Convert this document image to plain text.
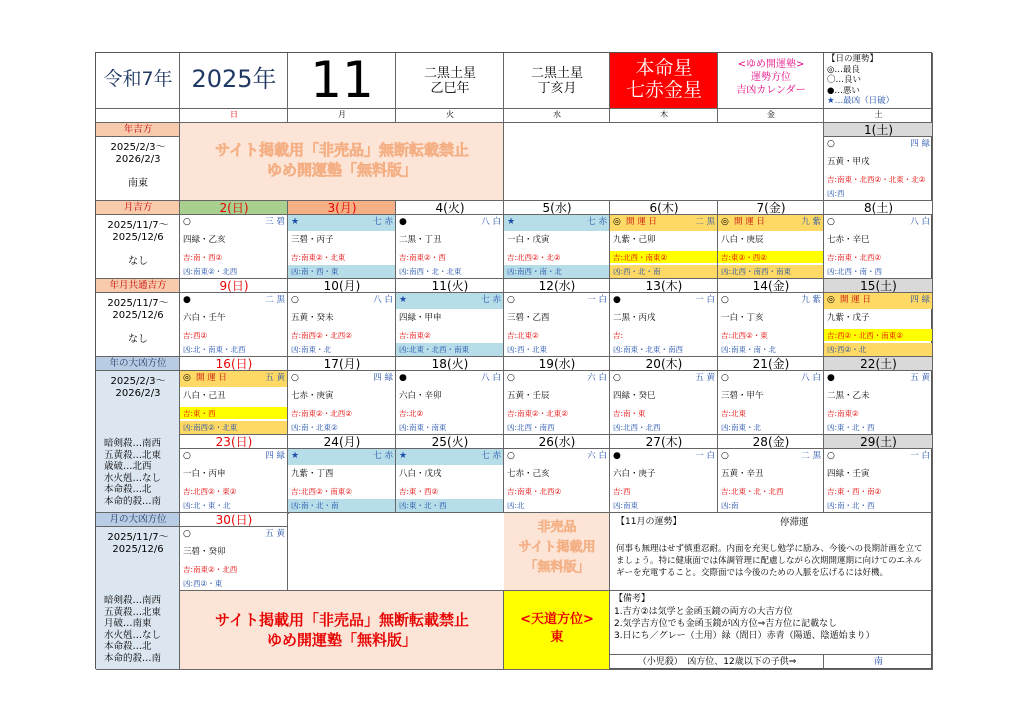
令和7年 2025年 11	二黒土星
乙巳年
二黒土星
丁亥月
本命星
七赤金星
<ゆめ開運塾>
運勢方位
吉凶カレンダー
【日の運勢】
◎…最良
〇…良い
●…悪い
★…最凶（日破）
日	月	火	水	木	金	土
年吉方
2025/2/3～
2026/2/3
南東
月吉方
2025/11/7～
2025/12/6
なし
年月共通吉方
2025/11/7～
2025/12/6
なし
年の大凶方位
2025/2/3～
2026/2/3
暗剣殺…南西
五黄殺…北東
歳破…北西
水火剋…なし
本命殺…北
本命的殺…南
月の大凶方位
2025/11/7～
2025/12/6
暗剣殺…南西
五黄殺…北東
月破…南東
水火剋…なし
本命殺…北
本命的殺…南
1(土)
○	四 緑
五黄・甲戌
吉:南東・北西②・北東・北②
凶:西
2(日)
○	三 碧
四緑・乙亥
吉:南・西②
凶:南東②・北西
3(月)
★	七 赤
三碧・丙子
吉:南東②・北東
凶:南・西・東
4(火)
●	八 白
二黒・丁丑
吉:南東②・西
凶:南西・北・北東
5(水)
★	七 赤
一白・戊寅
吉:北西②・北②
凶:南西・南・北
6(木)
◎ 開 運 日	二 黒
九紫・己卯
吉:北西・南東②
凶:西・北・南
7(金)
◎ 開 運 日	九 紫
八白・庚辰
吉:東②・西②
凶:北西・南西・南東
8(土)
○	八 白
七赤・辛巳
吉:南東・北西②
凶:北西・南・西
9(日)
●	二 黒
六白・壬午
吉:西②
凶:北・南東・北西
10(月)
○	八 白
五黄・癸未
吉:南西②・北西②
凶:南東・北
11(火)
★	七 赤
四緑・甲申
吉:南東②
凶:北東・北西・南東
12(水)
○	一 白
三碧・乙酉
吉:北東②
凶:西・北東
13(木)
●	一 白
二黒・丙戌
吉:
凶:南東・北東・南西
14(金)
○	九 紫
一白・丁亥
吉:北西②・東
凶:南東・南・北
15(土)
◎ 開 運 日	四 緑
九紫・戊子
吉:西②・北西・南東②
凶:西②・北
16(日)
◎ 開 運 日	五 黄
八白・己丑
吉:東・西
凶:南西②・北東
17(月)
○	四 緑
七赤・庚寅
吉:南東②・北西②
凶:南・北東②
18(火)
●	八 白
六白・辛卯
吉:北②
凶:南東・南東
19(水)
○	六 白
五黄・壬辰
吉:南東②・北東②
凶:北西・南西
20(木)
○	五 黄
四緑・癸巳
吉:南・東
凶:北西・北西
21(金)
○	八 白
三碧・甲午
吉:北東
凶:南東・北
22(土)
●	五 黄
二黒・乙未
吉:南東②
凶:東・北・西
23(日)
○	四 緑
一白・丙申
吉:北西②・東②
凶:北・東・北
24(月)
★	七 赤
九紫・丁酉
吉:北西②・南東②
凶:南・北・南
25(火)
★	七 赤
八白・戊戌
吉:東・西②
凶:東・北・西
26(水)
○	六 白
七赤・己亥
吉:南東・北西②
凶:北
27(木)
●	一 白
六白・庚子
吉:西
凶:南東
28(金)
○	二 黒
五黄・辛丑
吉:北東・北・北西
凶:南
29(土)
○	一 白
四緑・壬寅
吉:東・西・南②
凶:南・北・西
30(日)
○	五 黄
三碧・癸卯
吉:南東②・北西
凶:西②・東
サイト掲載用「非売品」無断転載禁止
ゆめ開運塾「無料版」
サイト掲載用「非売品」無断転載禁止
ゆめ開運塾「無料版」
非売品
サイト掲載用
「無料版」
<天道方位>
東
【11月の運勢】	停滞運
何事も無理はせず慎重忍耐。内面を充実し勉学に励み、今後への長期計画を立てましょう。特に健康面では体調管理に配慮しながら次期開運期に向けてのエネルギーを充電すること。交際面では今後のための人脈を広げるには好機。
【備考】
1.吉方②は気学と金函玉鏡の両方の大吉方位
2.気学吉方位でも金函玉鏡が凶方位⇒吉方位に記載なし
3.日にち／グレー（土用）緑（間日）赤青（陽遁、陰遁始まり）
（小児殺）　凶方位、12歳以下の子供⇒	南
